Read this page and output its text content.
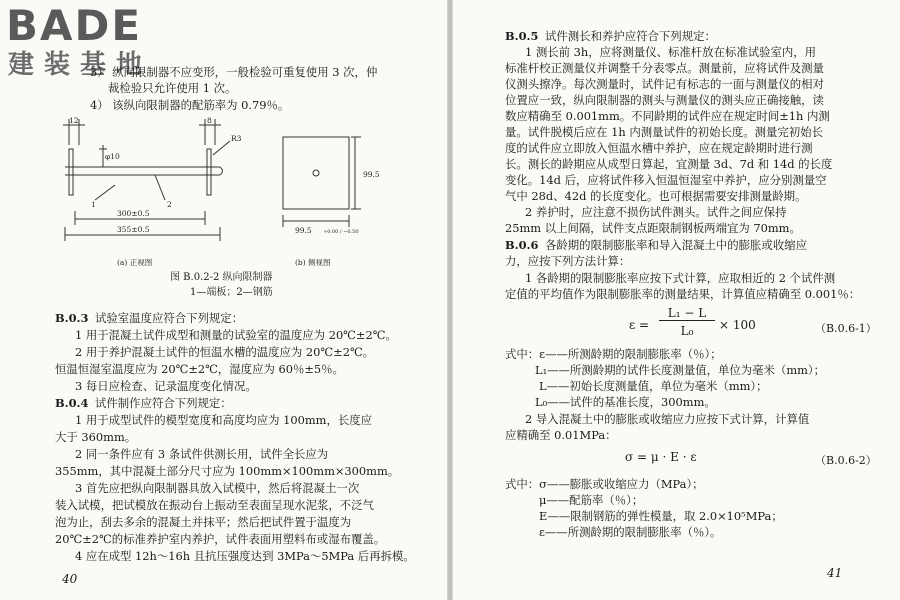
BADE
建装基地
3） 纵向限制器不应变形，一般检验可重复使用 3 次，仲
裁检验只允许使用 1 次。
4） 该纵向限制器的配筋率为 0.79％。
12	8
φ10
R3
1	2
300±0.5
355±0.5
99.5
99.5 +0.00 / −0.50
(a) 正视图	(b) 侧视图
图 B.0.2-2 纵向限制器
1—端板；2—钢筋
B.0.3 试验室温度应符合下列规定：
1 用于混凝土试件成型和测量的试验室的温度应为 20℃±2℃。
2 用于养护混凝土试件的恒温水槽的温度应为 20℃±2℃。
恒温恒湿室温度应为 20℃±2℃，湿度应为 60％±5％。
3 每日应检查、记录温度变化情况。
B.0.4 试件制作应符合下列规定：
1 用于成型试件的模型宽度和高度均应为 100mm，长度应
大于 360mm。
2 同一条件应有 3 条试件供测长用，试件全长应为
355mm，其中混凝土部分尺寸应为 100mm×100mm×300mm。
3 首先应把纵向限制器具放入试模中，然后将混凝土一次
装入试模，把试模放在振动台上振动至表面呈现水泥浆，不泛气
泡为止，刮去多余的混凝土并抹平；然后把试件置于温度为
20℃±2℃的标准养护室内养护，试件表面用塑料布或湿布覆盖。
4 应在成型 12h～16h 且抗压强度达到 3MPa～5MPa 后再拆模。
40
B.0.5 试件测长和养护应符合下列规定：
1 测长前 3h，应将测量仪、标准杆放在标准试验室内，用
标准杆校正测量仪并调整千分表零点。测量前，应将试件及测量
仪测头擦净。每次测量时，试件记有标志的一面与测量仪的相对
位置应一致，纵向限制器的测头与测量仪的测头应正确接触，读
数应精确至 0.001mm。不同龄期的试件应在规定时间±1h 内测
量。试件脱模后应在 1h 内测量试件的初始长度。测量完初始长
度的试件应立即放入恒温水槽中养护，应在规定龄期时进行测
长。测长的龄期应从成型日算起，宜测量 3d、7d 和 14d 的长度
变化。14d 后，应将试件移入恒温恒湿室中养护，应分别测量空
气中 28d、42d 的长度变化。也可根据需要安排测量龄期。
2 养护时，应注意不损伤试件测头。试件之间应保持
25mm 以上间隔，试件支点距限制钢板两端宜为 70mm。
B.0.6 各龄期的限制膨胀率和导入混凝土中的膨胀或收缩应
力，应按下列方法计算：
1 各龄期的限制膨胀率应按下式计算，应取相近的 2 个试件测
定值的平均值作为限制膨胀率的测量结果，计算值应精确至 0.001％：
ε =
L₁ − L
L₀	× 100	（B.0.6-1）
式中：ε——所测龄期的限制膨胀率（％）；
L₁——所测龄期的试件长度测量值，单位为毫米（mm）；
L——初始长度测量值，单位为毫米（mm）；
L₀——试件的基准长度，300mm。
2 导入混凝土中的膨胀或收缩应力应按下式计算，计算值
应精确至 0.01MPa：
σ = μ · E · ε	（B.0.6-2）
式中：σ——膨胀或收缩应力（MPa）；
μ——配筋率（％）；
E——限制钢筋的弹性模量，取 2.0×10⁵MPa；
ε——所测龄期的限制膨胀率（％）。
41
